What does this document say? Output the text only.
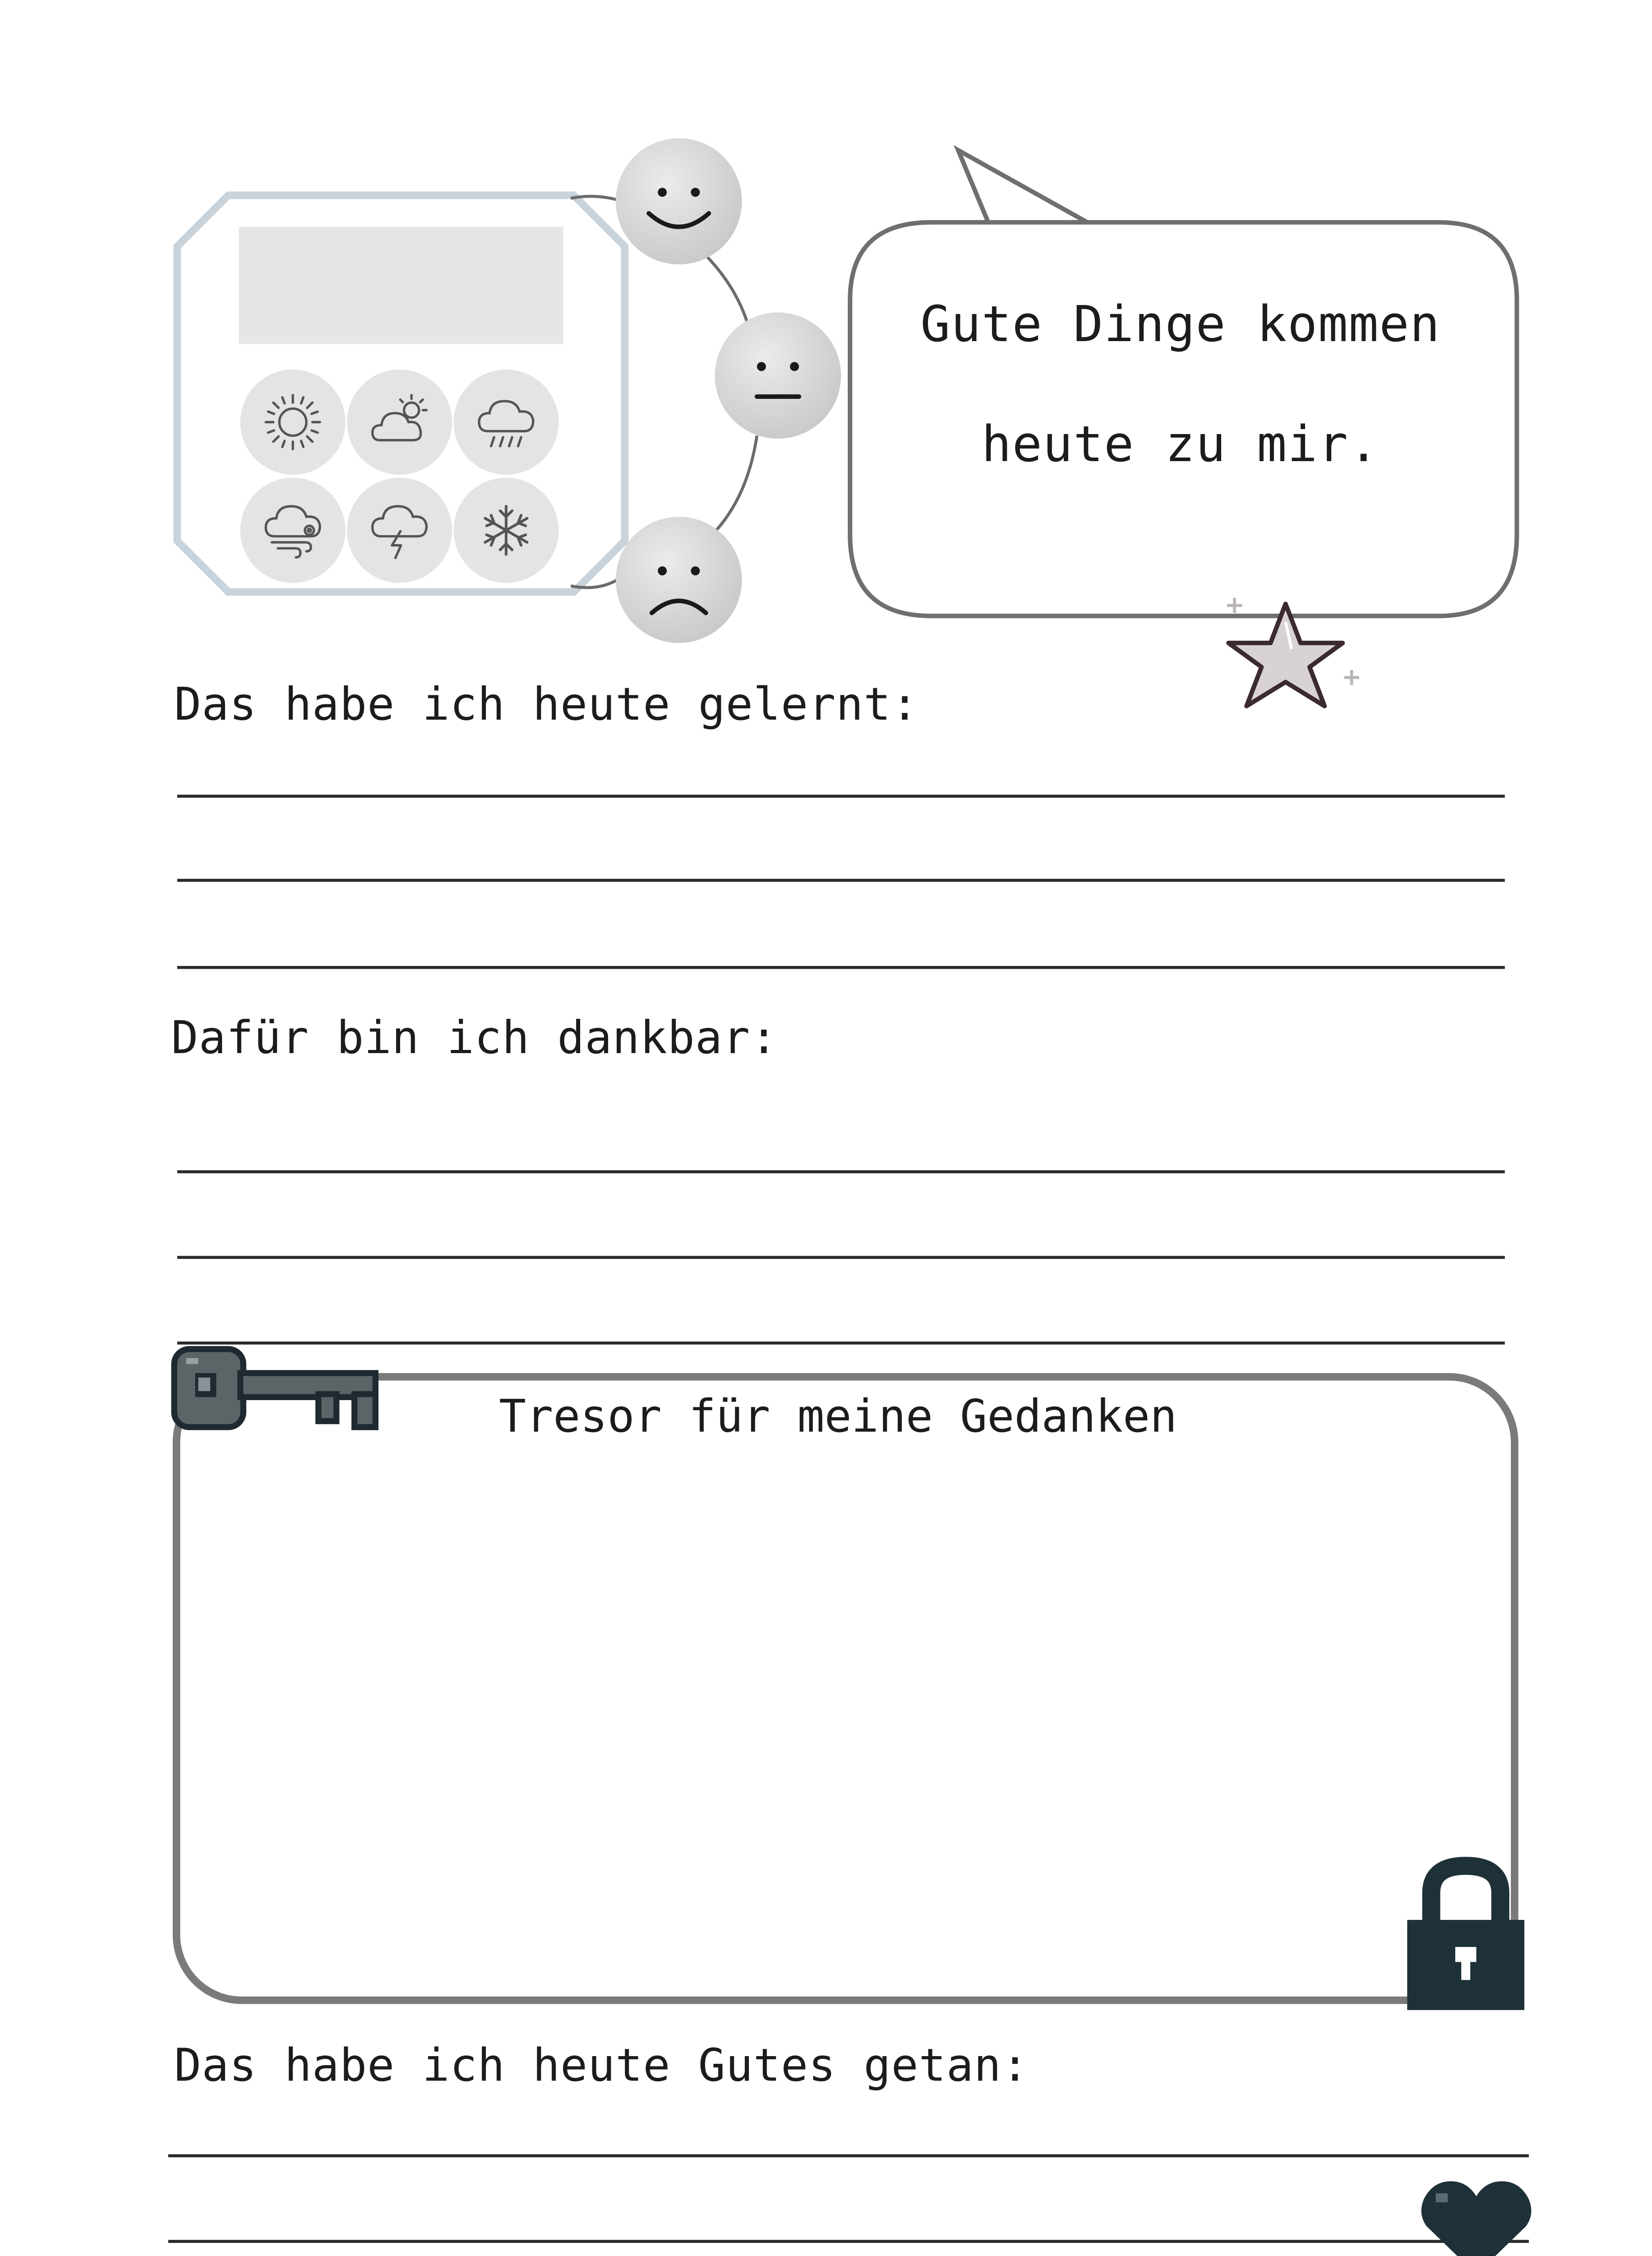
Gute Dinge kommen
heute zu mir.
Das habe ich heute gelernt:
Dafür bin ich dankbar:
Tresor für meine Gedanken
Das habe ich heute Gutes getan:
